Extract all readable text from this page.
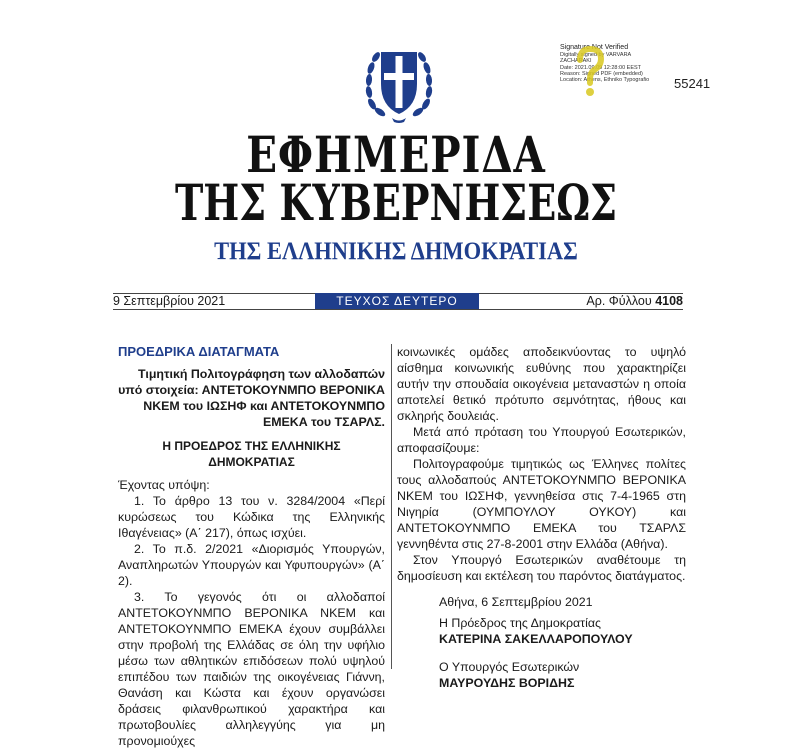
Signature Not Verified
Digitally signed by VARVARA ZACHARAKI
Date: 2021.09.09 12:28:00 EEST
Reason: Signed PDF (embedded)
Location: Athens, Ethniko Typografio 55241
ΕΦΗΜΕΡΙΔΑ
ΤΗΣ ΚΥΒΕΡΝΗΣΕΩΣ
ΤΗΣ ΕΛΛΗΝΙΚΗΣ ΔΗΜΟΚΡΑΤΙΑΣ
9 Σεπτεμβρίου 2021	ΤΕΥΧΟΣ ΔΕΥΤΕΡΟ	Αρ. Φύλλου 4108
ΠΡΟΕΔΡΙΚΑ ΔΙΑΤΑΓΜΑΤΑ
Τιμητική Πολιτογράφηση των αλλοδαπών υπό στοιχεία: ΑΝΤΕΤΟΚΟΥΝΜΠΟ ΒΕΡΟΝΙΚΑ ΝΚΕΜ του ΙΩΣΗΦ και ΑΝΤΕΤΟΚΟΥΝΜΠΟ ΕΜΕΚΑ του ΤΣΑΡΛΣ.
Η ΠΡΟΕΔΡΟΣ ΤΗΣ ΕΛΛΗΝΙΚΗΣ ΔΗΜΟΚΡΑΤΙΑΣ

Έχοντας υπόψη:

1. Το άρθρο 13 του ν. 3284/2004 «Περί κυρώσεως του Κώδικα της Ελληνικής Ιθαγένειας» (Α΄ 217), όπως ισχύει.

2. Το π.δ. 2/2021 «Διορισμός Υπουργών, Αναπληρωτών Υπουργών και Υφυπουργών» (Α΄ 2).

3. Το γεγονός ότι οι αλλοδαποί ΑΝΤΕΤΟΚΟΥΝΜΠΟ ΒΕΡΟΝΙΚΑ ΝΚΕΜ και ΑΝΤΕΤΟΚΟΥΝΜΠΟ ΕΜΕΚΑ έχουν συμβάλλει στην προβολή της Ελλάδας σε όλη την υφήλιο μέσω των αθλητικών επιδόσεων πολύ υψηλού επιπέδου των παιδιών της οικογένειας Γιάννη, Θανάση και Κώστα και έχουν οργανώσει δράσεις φιλανθρωπικού χαρακτήρα και πρωτοβουλίες αλληλεγγύης για μη προνομιούχες

κοινωνικές ομάδες αποδεικνύοντας το υψηλό αίσθημα κοινωνικής ευθύνης που χαρακτηρίζει αυτήν την σπουδαία οικογένεια μεταναστών η οποία αποτελεί θετικό πρότυπο σεμνότητας, ήθους και σκληρής δουλειάς.

Μετά από πρόταση του Υπουργού Εσωτερικών, αποφασίζουμε:

Πολιτογραφούμε τιμητικώς ως Έλληνες πολίτες τους αλλοδαπούς ΑΝΤΕΤΟΚΟΥΝΜΠΟ ΒΕΡΟΝΙΚΑ ΝΚΕΜ του ΙΩΣΗΦ, γεννηθείσα στις 7-4-1965 στη Νιγηρία (ΟΥΜΠΟΥΛΟΥ ΟΥΚΟΥ) και ΑΝΤΕΤΟΚΟΥΝΜΠΟ ΕΜΕΚΑ του ΤΣΑΡΛΣ γεννηθέντα στις 27-8-2001 στην Ελλάδα (Αθήνα).

Στον Υπουργό Εσωτερικών αναθέτουμε τη δημοσίευση και εκτέλεση του παρόντος διατάγματος.

Αθήνα, 6 Σεπτεμβρίου 2021

Η Πρόεδρος της Δημοκρατίας

ΚΑΤΕΡΙΝΑ ΣΑΚΕΛΛΑΡΟΠΟΥΛΟΥ

Ο Υπουργός Εσωτερικών

ΜΑΥΡΟΥΔΗΣ ΒΟΡΙΔΗΣ
